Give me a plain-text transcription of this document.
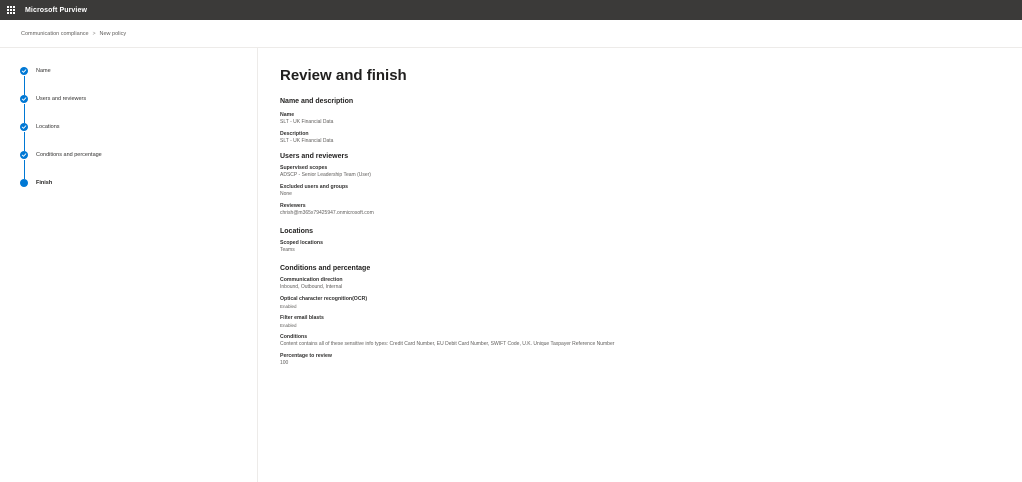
Microsoft Purview
Communication compliance > New policy
Name
Users and reviewers
Locations
Conditions and percentage
Finish
Review and finish
Name and description
Name
SLT - UK Financial Data
Description
SLT - UK Financial Data
Users and reviewers
Supervised scopes
ADSCP - Senior Leadership Team (User)
Excluded users and groups
None
Reviewers
chrish@m365x79425947.onmicrosoft.com
Locations
Scoped locations
Teams
Conditions and percentage
Communication direction
Inbound, Outbound, Internal
Optical character recognition(OCR)
Enabled
Filter email blasts
Enabled
Conditions
Content contains all of these sensitive info types: Credit Card Number, EU Debit Card Number, SWIFT Code, U.K. Unique Taxpayer Reference Number
Percentage to review
100
